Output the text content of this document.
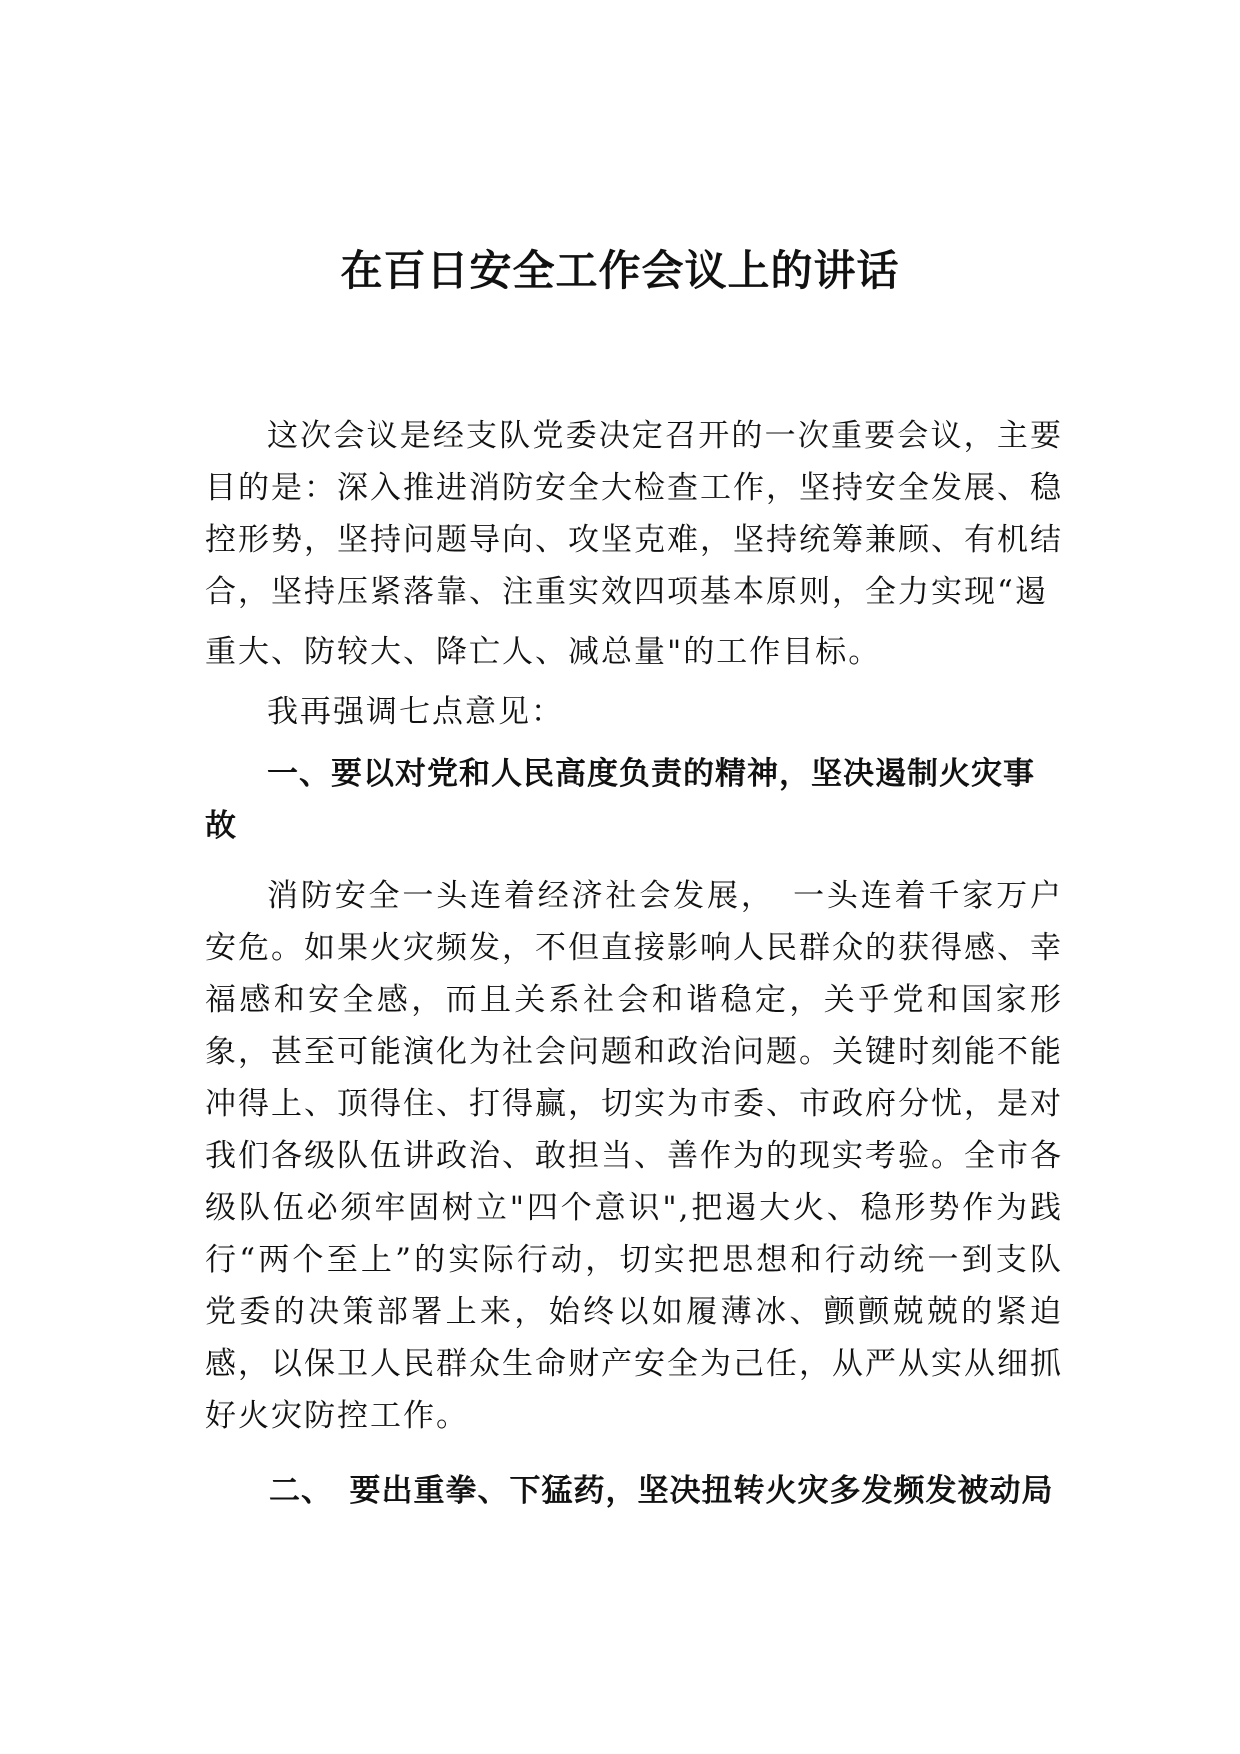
在百日安全工作会议上的讲话

这次会议是经支队党委决定召开的一次重要会议，主要目的是：深入推进消防安全大检查工作，坚持安全发展、稳控形势，坚持问题导向、攻坚克难，坚持统筹兼顾、有机结合，坚持压紧落靠、注重实效四项基本原则，全力实现“遏
重大、防较大、降亡人、减总量"的工作目标。

我再强调七点意见：

一、要以对党和人民高度负责的精神，坚决遏制火灾事故

消防安全一头连着经济社会发展，　一头连着千家万户安危。如果火灾频发，不但直接影响人民群众的获得感、幸福感和安全感，而且关系社会和谐稳定，关乎党和国家形象，甚至可能演化为社会问题和政治问题。关键时刻能不能冲得上、顶得住、打得赢，切实为市委、市政府分忧，是对我们各级队伍讲政治、敢担当、善作为的现实考验。全市各级队伍必须牢固树立"四个意识",把遏大火、稳形势作为践行“两个至上”的实际行动，切实把思想和行动统一到支队党委的决策部署上来，始终以如履薄冰、颤颤兢兢的紧迫感，以保卫人民群众生命财产安全为己任，从严从实从细抓好火灾防控工作。

二、　要出重拳、下猛药，坚决扭转火灾多发频发被动局
